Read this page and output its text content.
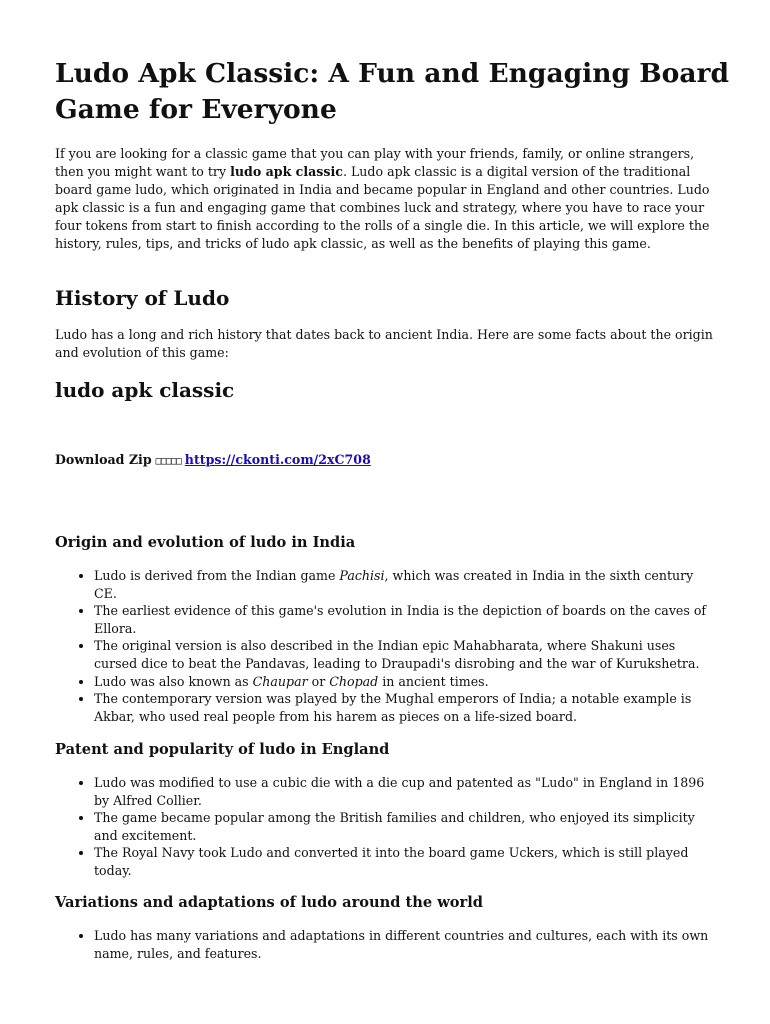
Ludo Apk Classic: A Fun and Engaging Board Game for Everyone

If you are looking for a classic game that you can play with your friends, family, or online strangers, then you might want to try ludo apk classic. Ludo apk classic is a digital version of the traditional board game ludo, which originated in India and became popular in England and other countries. Ludo apk classic is a fun and engaging game that combines luck and strategy, where you have to race your four tokens from start to finish according to the rolls of a single die. In this article, we will explore the history, rules, tips, and tricks of ludo apk classic, as well as the benefits of playing this game.

History of Ludo

Ludo has a long and rich history that dates back to ancient India. Here are some facts about the origin and evolution of this game:

ludo apk classic

Download Zip □□□□□ https://ckonti.com/2xC708

Origin and evolution of ludo in India
• Ludo is derived from the Indian game Pachisi, which was created in India in the sixth century CE.
• The earliest evidence of this game's evolution in India is the depiction of boards on the caves of Ellora.
• The original version is also described in the Indian epic Mahabharata, where Shakuni uses cursed dice to beat the Pandavas, leading to Draupadi's disrobing and the war of Kurukshetra.
• Ludo was also known as Chaupar or Chopad in ancient times.
• The contemporary version was played by the Mughal emperors of India; a notable example is Akbar, who used real people from his harem as pieces on a life-sized board.
Patent and popularity of ludo in England
• Ludo was modified to use a cubic die with a die cup and patented as "Ludo" in England in 1896 by Alfred Collier.
• The game became popular among the British families and children, who enjoyed its simplicity and excitement.
• The Royal Navy took Ludo and converted it into the board game Uckers, which is still played today.
Variations and adaptations of ludo around the world
• Ludo has many variations and adaptations in different countries and cultures, each with its own name, rules, and features.
